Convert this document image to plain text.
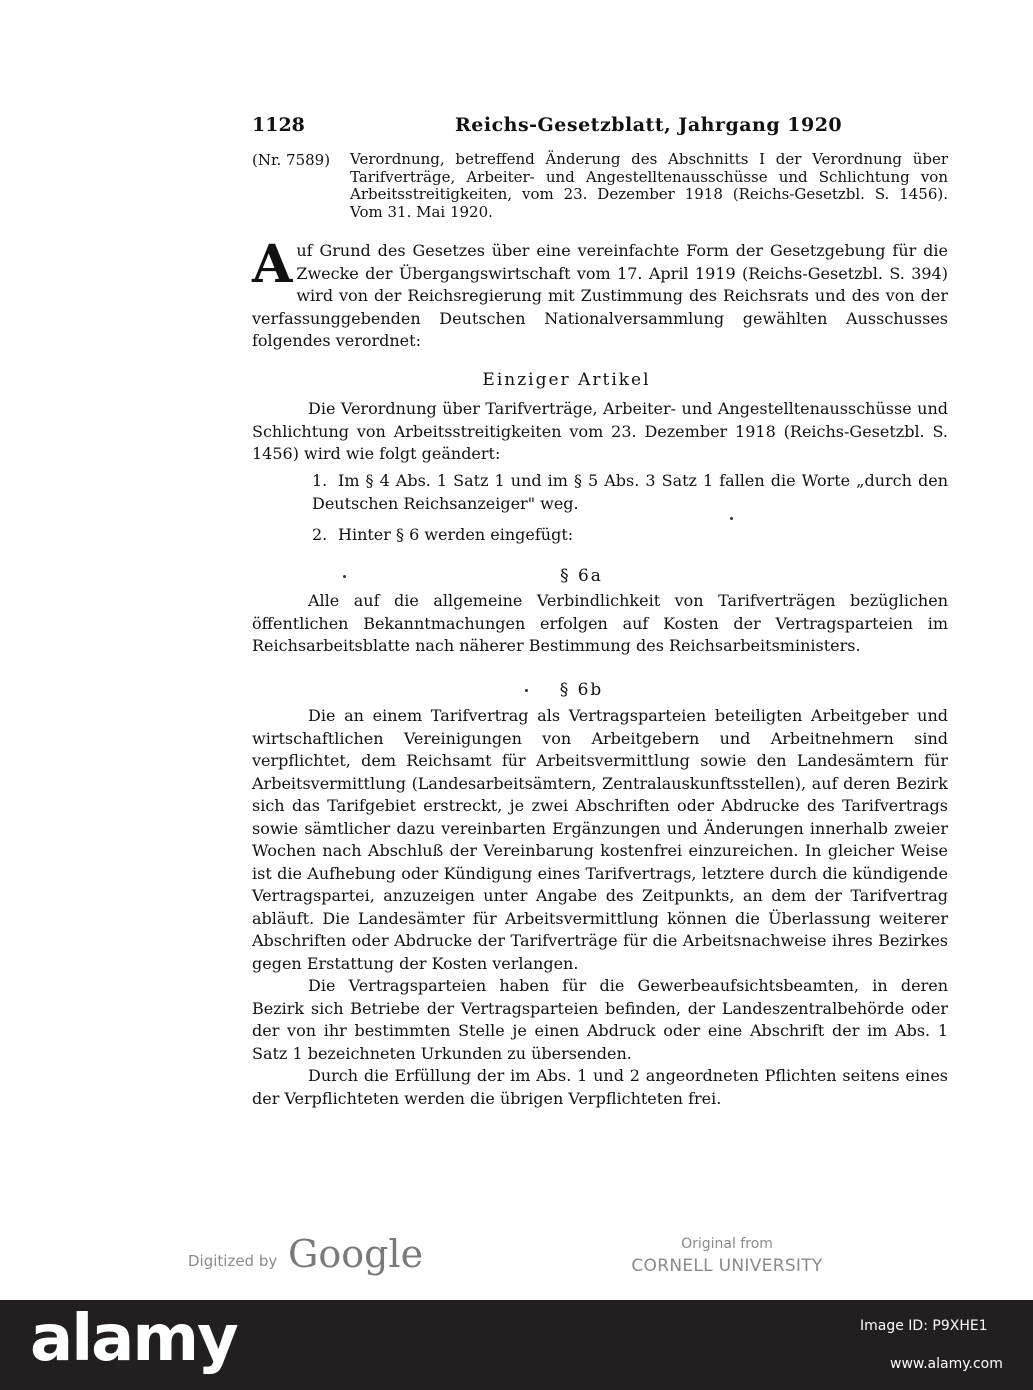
1128	Reichs-Gesetzblatt, Jahrgang 1920
(Nr. 7589) Verordnung, betreffend Änderung des Abschnitts I der Verordnung über Tarifverträge, Arbeiter- und Angestelltenausschüsse und Schlichtung von Arbeitsstreitigkeiten, vom 23. Dezember 1918 (Reichs-Gesetzbl. S. 1456). Vom 31. Mai 1920.
A uf Grund des Gesetzes über eine vereinfachte Form der Gesetzgebung für die Zwecke der Übergangswirtschaft vom 17. April 1919 (Reichs-Gesetzbl. S. 394) wird von der Reichsregierung mit Zustimmung des Reichsrats und des von der verfassunggebenden Deutschen Nationalversammlung gewählten Ausschusses folgendes verordnet:
Einziger Artikel
Die Verordnung über Tarifverträge, Arbeiter- und Angestelltenausschüsse und Schlichtung von Arbeitsstreitigkeiten vom 23. Dezember 1918 (Reichs-Gesetzbl. S. 1456) wird wie folgt geändert:
1. Im § 4 Abs. 1 Satz 1 und im § 5 Abs. 3 Satz 1 fallen die Worte „durch den Deutschen Reichsanzeiger" weg.
2. Hinter § 6 werden eingefügt:
§ 6a
Alle auf die allgemeine Verbindlichkeit von Tarifverträgen bezüglichen öffentlichen Bekanntmachungen erfolgen auf Kosten der Vertragsparteien im Reichsarbeitsblatte nach näherer Bestimmung des Reichsarbeitsministers.
§ 6b
Die an einem Tarifvertrag als Vertragsparteien beteiligten Arbeitgeber und wirtschaftlichen Vereinigungen von Arbeitgebern und Arbeitnehmern sind verpflichtet, dem Reichsamt für Arbeitsvermittlung sowie den Landesämtern für Arbeitsvermittlung (Landesarbeitsämtern, Zentralauskunftsstellen), auf deren Bezirk sich das Tarifgebiet erstreckt, je zwei Abschriften oder Abdrucke des Tarifvertrags sowie sämtlicher dazu vereinbarten Ergänzungen und Änderungen innerhalb zweier Wochen nach Abschluß der Vereinbarung kostenfrei einzureichen. In gleicher Weise ist die Aufhebung oder Kündigung eines Tarifvertrags, letztere durch die kündigende Vertragspartei, anzuzeigen unter Angabe des Zeitpunkts, an dem der Tarifvertrag abläuft. Die Landesämter für Arbeitsvermittlung können die Überlassung weiterer Abschriften oder Abdrucke der Tarifverträge für die Arbeitsnachweise ihres Bezirkes gegen Erstattung der Kosten verlangen.
Die Vertragsparteien haben für die Gewerbeaufsichtsbeamten, in deren Bezirk sich Betriebe der Vertragsparteien befinden, der Landeszentralbehörde oder der von ihr bestimmten Stelle je einen Abdruck oder eine Abschrift der im Abs. 1 Satz 1 bezeichneten Urkunden zu übersenden.
Durch die Erfüllung der im Abs. 1 und 2 angeordneten Pflichten seitens eines der Verpflichteten werden die übrigen Verpflichteten frei.
Digitized by Google	Original from
CORNELL UNIVERSITY
alamy	Image ID: P9XHE1
www.alamy.com
